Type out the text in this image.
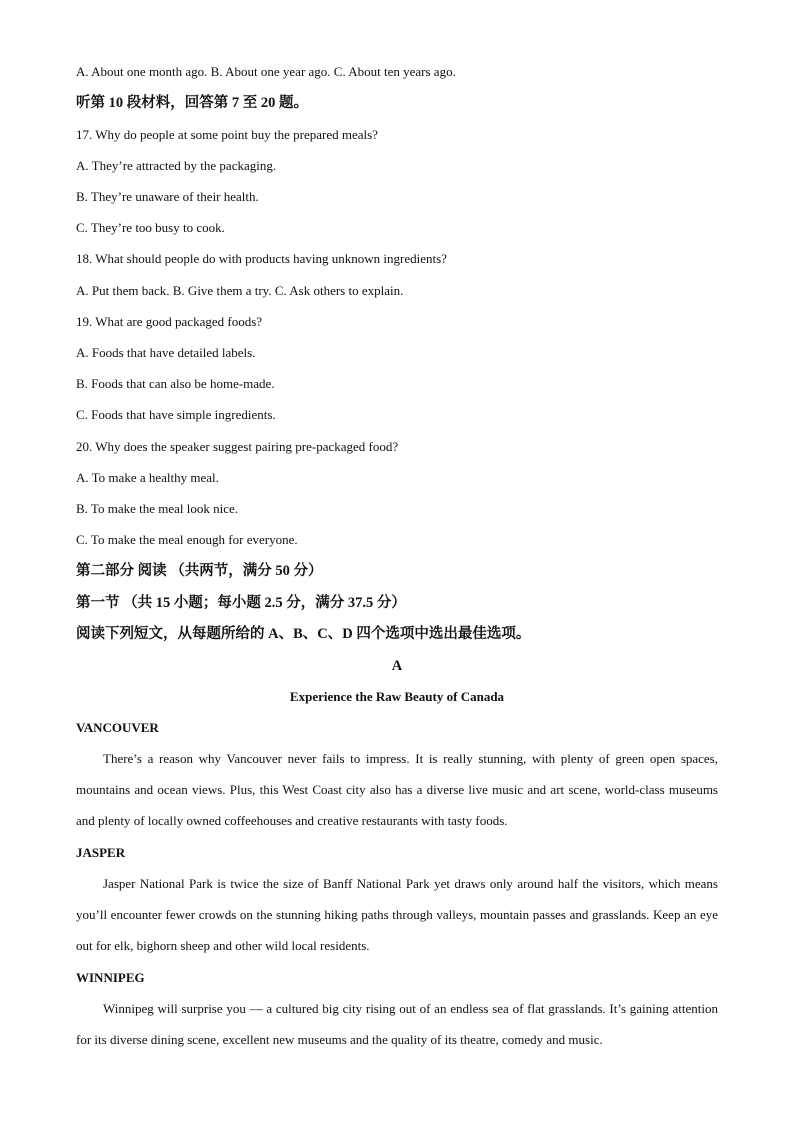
A. About one month ago. B. About one year ago. C. About ten years ago.
听第 10 段材料，回答第 7 至 20 题。
17. Why do people at some point buy the prepared meals?
A. They’re attracted by the packaging.
B. They’re unaware of their health.
C. They’re too busy to cook.
18. What should people do with products having unknown ingredients?
A. Put them back. B. Give them a try. C. Ask others to explain.
19. What are good packaged foods?
A. Foods that have detailed labels.
B. Foods that can also be home-made.
C. Foods that have simple ingredients.
20. Why does the speaker suggest pairing pre-packaged food?
A. To make a healthy meal.
B. To make the meal look nice.
C. To make the meal enough for everyone.
第二部分 阅读 （共两节，满分 50 分）
第一节 （共 15 小题；每小题 2.5 分，满分 37.5 分）
阅读下列短文，从每题所给的 A、B、C、D 四个选项中选出最佳选项。
A
Experience the Raw Beauty of Canada
VANCOUVER
There’s a reason why Vancouver never fails to impress. It is really stunning, with plenty of green open spaces, mountains and ocean views. Plus, this West Coast city also has a diverse live music and art scene, world-class museums and plenty of locally owned coffeehouses and creative restaurants with tasty foods.
JASPER
Jasper National Park is twice the size of Banff National Park yet draws only around half the visitors, which means you’ll encounter fewer crowds on the stunning hiking paths through valleys, mountain passes and grasslands. Keep an eye out for elk, bighorn sheep and other wild local residents.
WINNIPEG
Winnipeg will surprise you — a cultured big city rising out of an endless sea of flat grasslands. It’s gaining attention for its diverse dining scene, excellent new museums and the quality of its theatre, comedy and music.
